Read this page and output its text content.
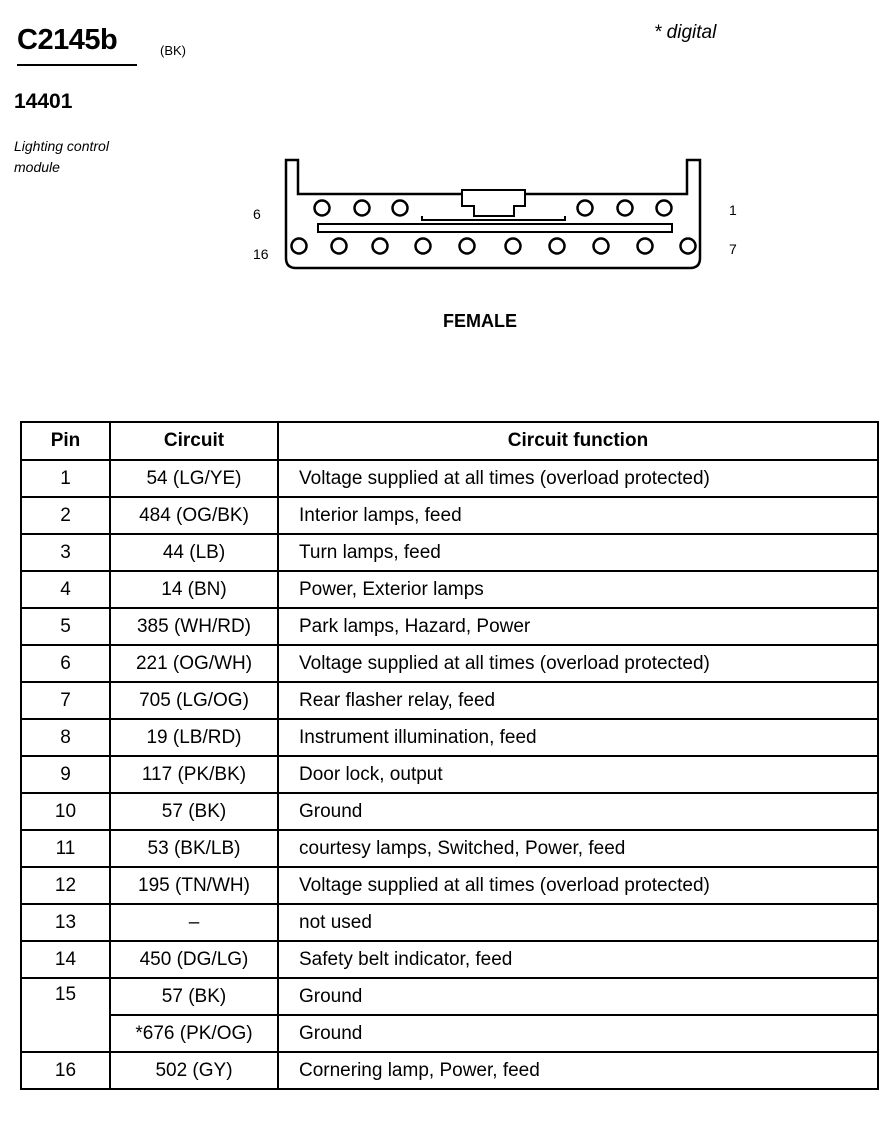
C2145b	(BK)
* digital
14401
Lighting control module
6	1
16	7
FEMALE
Pin	Circuit	Circuit function
1	54 (LG/YE)	Voltage supplied at all times (overload protected)
2	484 (OG/BK)	Interior lamps, feed
3	44 (LB)	Turn lamps, feed
4	14 (BN)	Power, Exterior lamps
5	385 (WH/RD)	Park lamps, Hazard, Power
6	221 (OG/WH)	Voltage supplied at all times (overload protected)
7	705 (LG/OG)	Rear flasher relay, feed
8	19 (LB/RD)	Instrument illumination, feed
9	117 (PK/BK)	Door lock, output
10	57 (BK)	Ground
11	53 (BK/LB)	courtesy lamps, Switched, Power, feed
12	195 (TN/WH)	Voltage supplied at all times (overload protected)
13	–	not used
14	450 (DG/LG)	Safety belt indicator, feed
15	57 (BK)	Ground
	*676 (PK/OG)	Ground
16	502 (GY)	Cornering lamp, Power, feed
